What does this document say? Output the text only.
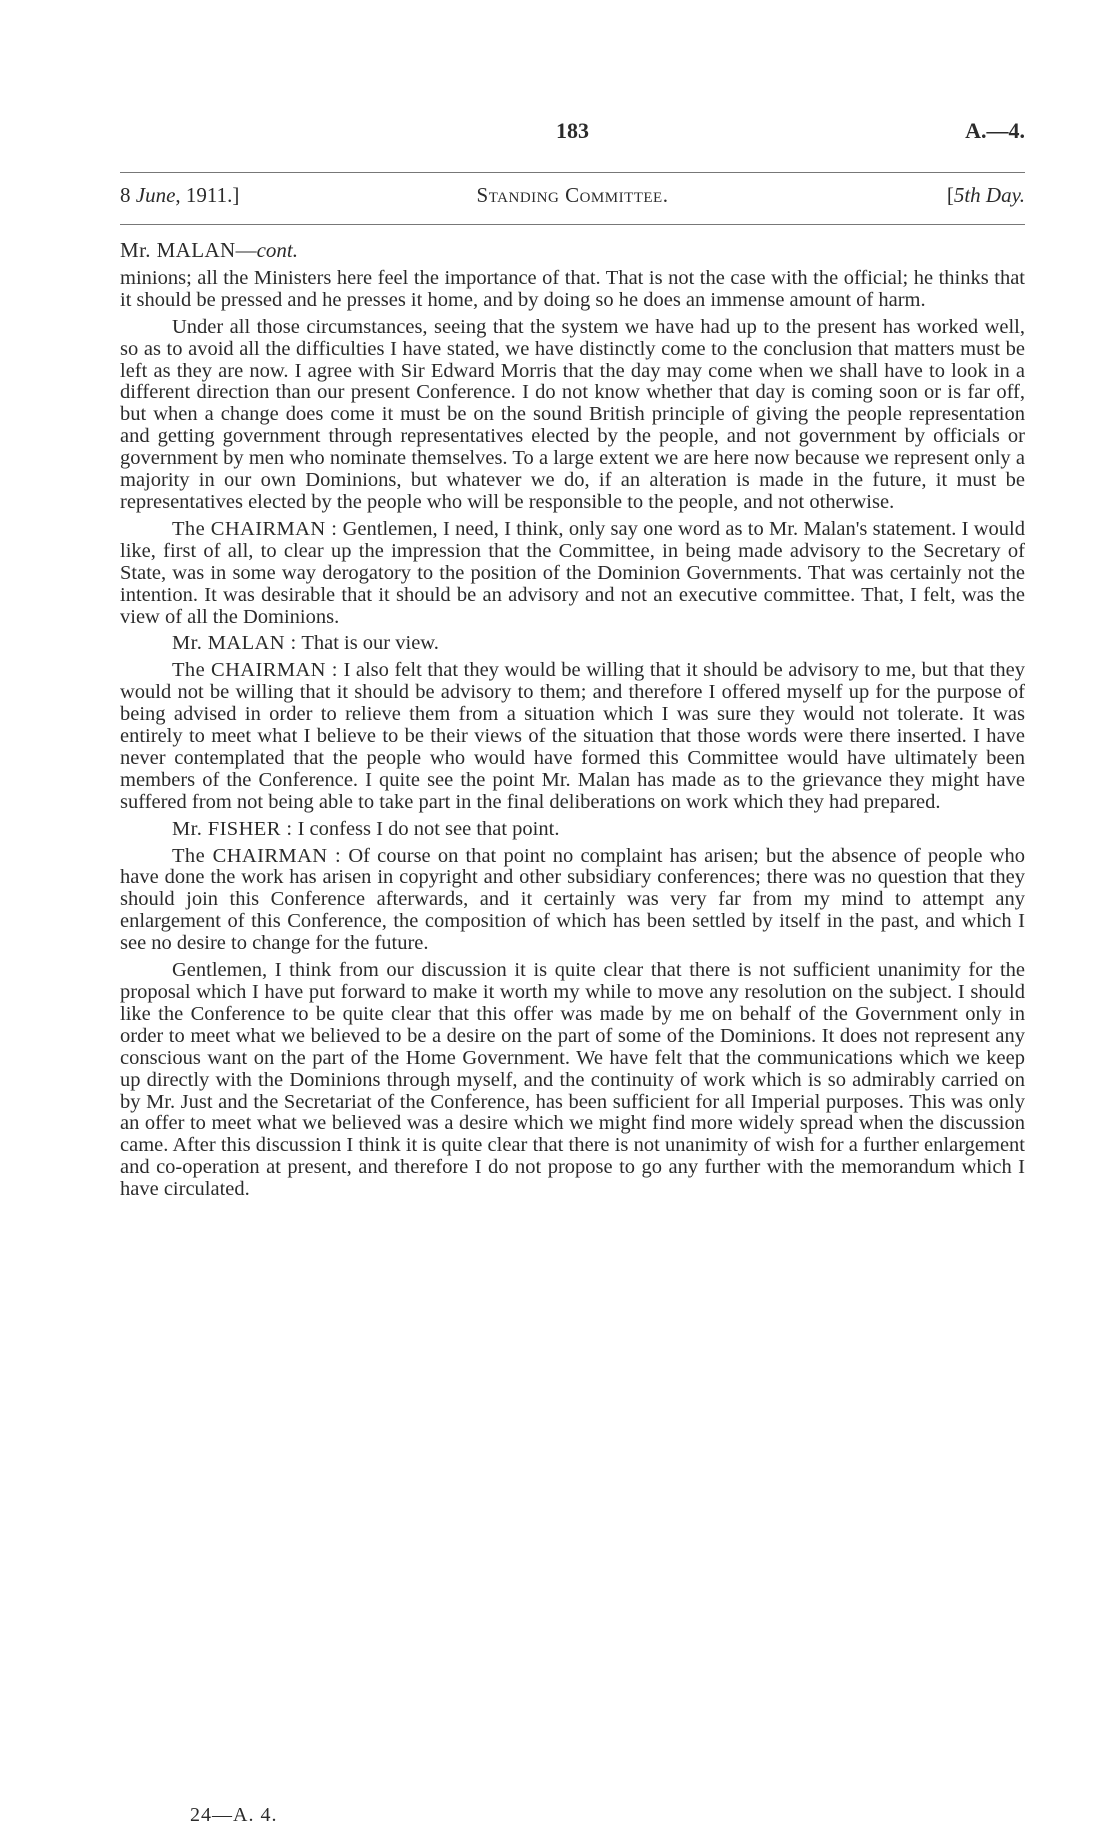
183	A.—4.
8 June, 1911.]	Standing Committee.	[5th Day.
Mr. MALAN—cont.

minions; all the Ministers here feel the importance of that. That is not the case with the official; he thinks that it should be pressed and he presses it home, and by doing so he does an immense amount of harm.

Under all those circumstances, seeing that the system we have had up to the present has worked well, so as to avoid all the difficulties I have stated, we have distinctly come to the conclusion that matters must be left as they are now. I agree with Sir Edward Morris that the day may come when we shall have to look in a different direction than our present Conference. I do not know whether that day is coming soon or is far off, but when a change does come it must be on the sound British principle of giving the people representation and getting government through representatives elected by the people, and not government by officials or government by men who nominate themselves. To a large extent we are here now because we represent only a majority in our own Dominions, but whatever we do, if an alteration is made in the future, it must be representatives elected by the people who will be responsible to the people, and not otherwise.

The CHAIRMAN : Gentlemen, I need, I think, only say one word as to Mr. Malan's statement. I would like, first of all, to clear up the impression that the Committee, in being made advisory to the Secretary of State, was in some way derogatory to the position of the Dominion Governments. That was certainly not the intention. It was desirable that it should be an advisory and not an executive committee. That, I felt, was the view of all the Dominions.

Mr. MALAN : That is our view.

The CHAIRMAN : I also felt that they would be willing that it should be advisory to me, but that they would not be willing that it should be advisory to them; and therefore I offered myself up for the purpose of being advised in order to relieve them from a situation which I was sure they would not tolerate. It was entirely to meet what I believe to be their views of the situation that those words were there inserted. I have never contemplated that the people who would have formed this Committee would have ultimately been members of the Conference. I quite see the point Mr. Malan has made as to the grievance they might have suffered from not being able to take part in the final deliberations on work which they had prepared.

Mr. FISHER : I confess I do not see that point.

The CHAIRMAN : Of course on that point no complaint has arisen; but the absence of people who have done the work has arisen in copyright and other subsidiary conferences; there was no question that they should join this Conference afterwards, and it certainly was very far from my mind to attempt any enlargement of this Conference, the composition of which has been settled by itself in the past, and which I see no desire to change for the future.

Gentlemen, I think from our discussion it is quite clear that there is not sufficient unanimity for the proposal which I have put forward to make it worth my while to move any resolution on the subject. I should like the Conference to be quite clear that this offer was made by me on behalf of the Government only in order to meet what we believed to be a desire on the part of some of the Dominions. It does not represent any conscious want on the part of the Home Government. We have felt that the communications which we keep up directly with the Dominions through myself, and the continuity of work which is so admirably carried on by Mr. Just and the Secretariat of the Conference, has been sufficient for all Imperial purposes. This was only an offer to meet what we believed was a desire which we might find more widely spread when the discussion came. After this discussion I think it is quite clear that there is not unanimity of wish for a further enlargement and co-operation at present, and therefore I do not propose to go any further with the memorandum which I have circulated.

24—A. 4.
